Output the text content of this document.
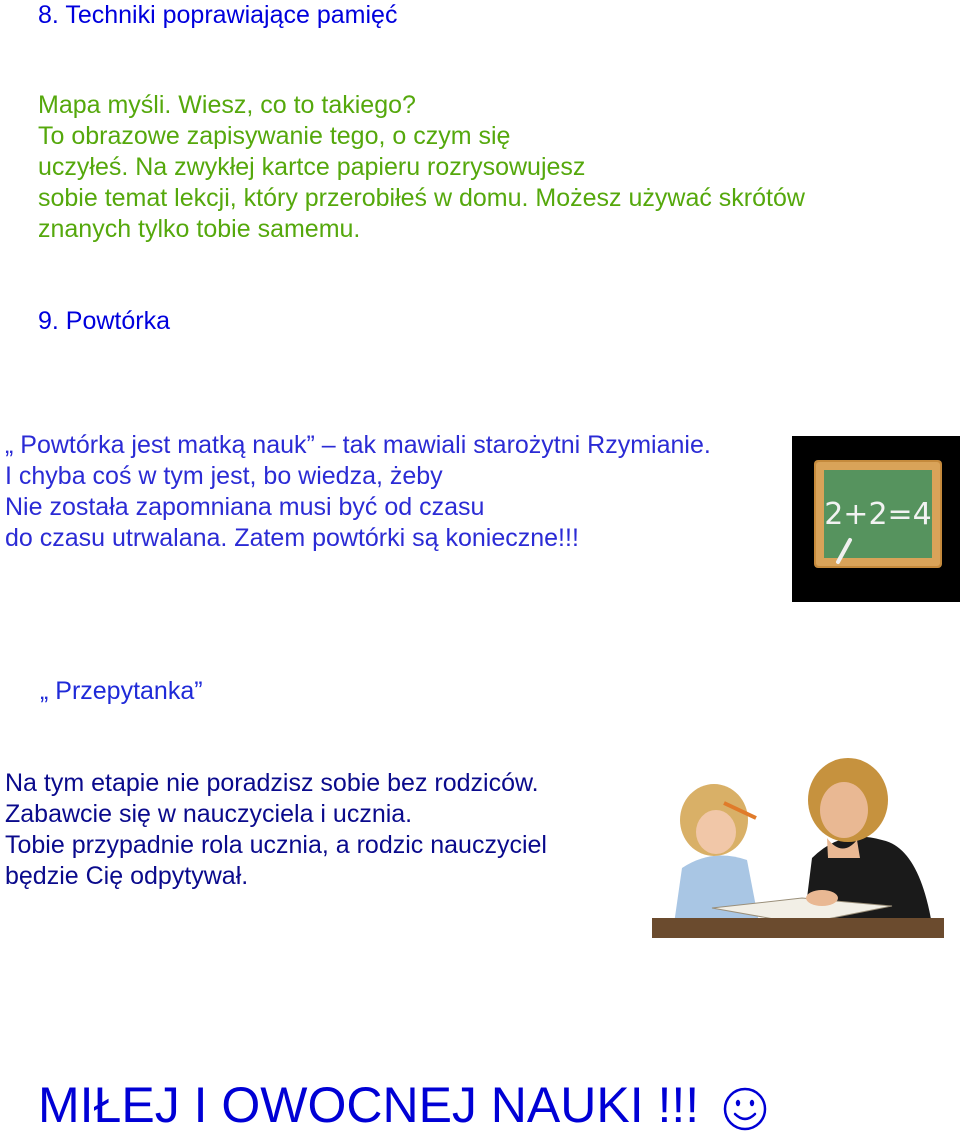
8. Techniki poprawiające pamięć

Mapa myśli. Wiesz, co to takiego?
To obrazowe zapisywanie tego, o czym się
uczyłeś. Na zwykłej kartce papieru rozrysowujesz
sobie temat lekcji, który przerobiłeś w domu. Możesz używać skrótów
znanych tylko tobie samemu.

9. Powtórka

„ Powtórka jest matką nauk” – tak mawiali starożytni Rzymianie.
I chyba coś w tym jest, bo wiedza, żeby
Nie została zapomniana musi być od czasu
do czasu utrwalana. Zatem powtórki są konieczne!!!
2+2=4

„ Przepytanka”

Na tym etapie nie poradzisz sobie bez rodziców.
Zabawcie się w nauczyciela i ucznia.
Tobie przypadnie rola ucznia, a rodzic nauczyciel
będzie Cię odpytywał.
MIŁEJ I OWOCNEJ NAUKI !!!
